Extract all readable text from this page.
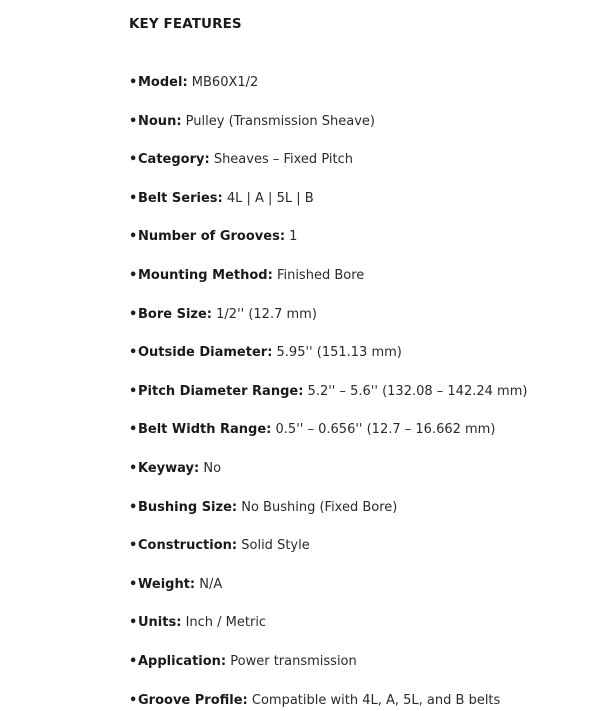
KEY FEATURES
•Model: MB60X1/2
•Noun: Pulley (Transmission Sheave)
•Category: Sheaves – Fixed Pitch
•Belt Series: 4L | A | 5L | B
•Number of Grooves: 1
•Mounting Method: Finished Bore
•Bore Size: 1/2'' (12.7 mm)
•Outside Diameter: 5.95'' (151.13 mm)
•Pitch Diameter Range: 5.2'' – 5.6'' (132.08 – 142.24 mm)
•Belt Width Range: 0.5'' – 0.656'' (12.7 – 16.662 mm)
•Keyway: No
•Bushing Size: No Bushing (Fixed Bore)
•Construction: Solid Style
•Weight: N/A
•Units: Inch / Metric
•Application: Power transmission
•Groove Profile: Compatible with 4L, A, 5L, and B belts
